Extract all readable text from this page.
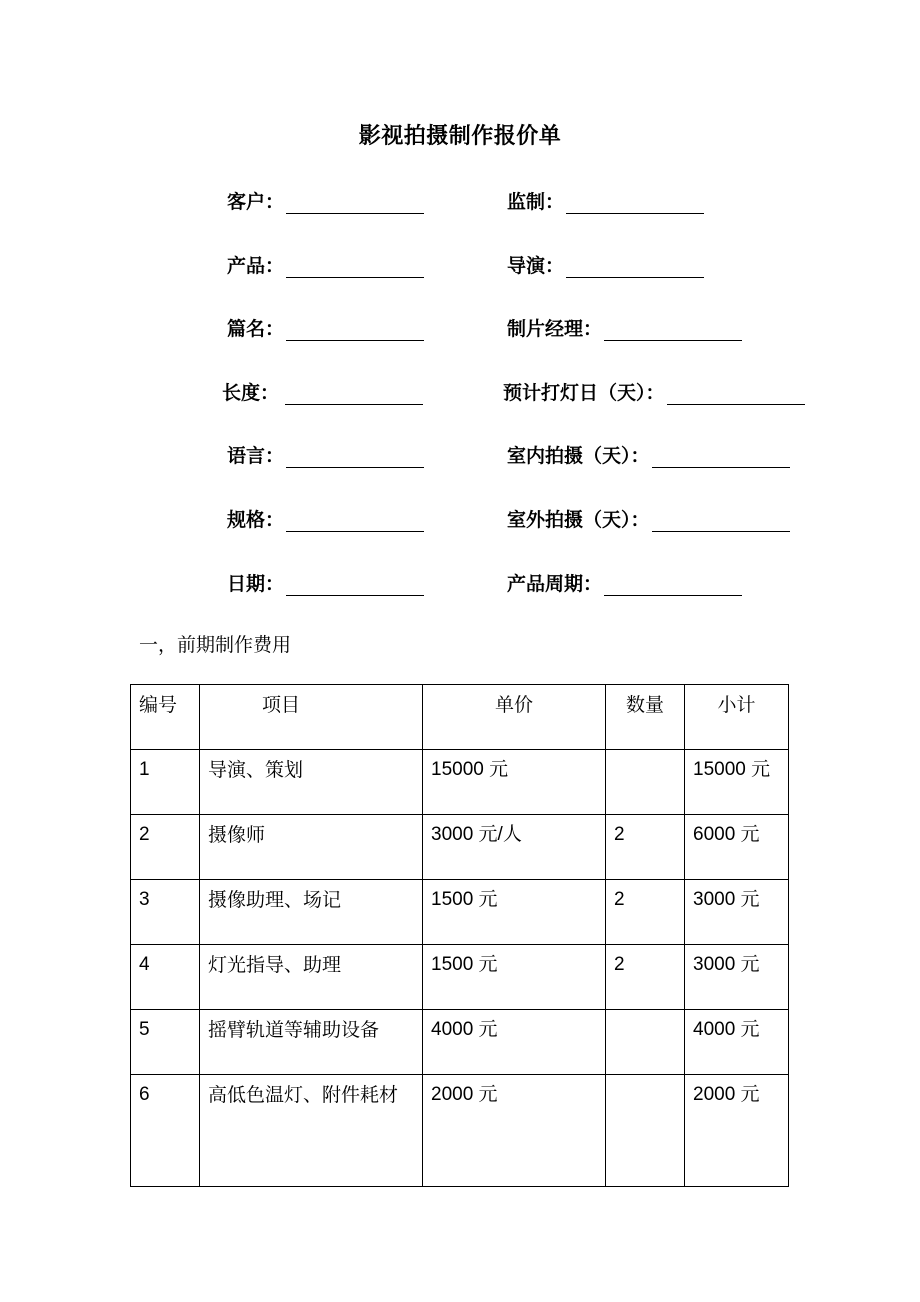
影视拍摄制作报价单
客户：
产品：
篇名：
长度：
语言：
规格：
日期：
监制：
导演：
制片经理：
预计打灯日（天）：
室内拍摄（天）：
室外拍摄（天）：
产品周期：
一，前期制作费用
编号	项目	单价	数量	小计

1	导演、策划	15000 元		15000 元

2	摄像师	3000 元/人	2	6000 元

3	摄像助理、场记	1500 元	2	3000 元

4	灯光指导、助理	1500 元	2	3000 元

5	摇臂轨道等辅助设备	4000 元		4000 元

6	高低色温灯、附件耗材	2000 元		2000 元
